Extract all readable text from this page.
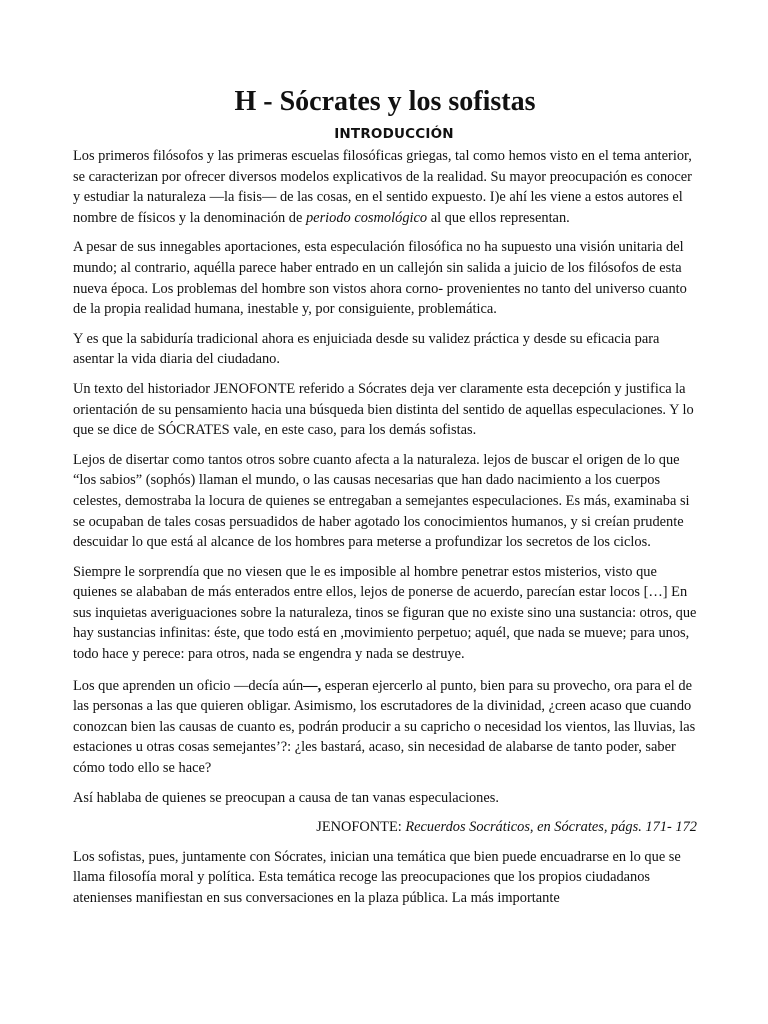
H - Sócrates y los sofistas
INTRODUCCIÓN

Los primeros filósofos y las primeras escuelas filosóficas griegas, tal como hemos visto en el tema anterior, se caracterizan por ofrecer diversos modelos explicativos de la realidad. Su mayor preocupación es conocer y estudiar la naturaleza —la fisis— de las cosas, en el sentido expuesto. I)e ahí les viene a estos autores el nombre de físicos y la denominación de periodo cosmológico al que ellos representan.

A pesar de sus innegables aportaciones, esta especulación filosófica no ha supuesto una visión unitaria del mundo; al contrario, aquélla parece haber entrado en un callejón sin salida a juicio de los filósofos de esta nueva época. Los problemas del hombre son vistos ahora corno- provenientes no tanto del universo cuanto de la propia realidad humana, inestable y, por consiguiente, problemática.

Y es que la sabiduría tradicional ahora es enjuiciada desde su validez práctica y desde su eficacia para asentar la vida diaria del ciudadano.

Un texto del historiador JENOFONTE referido a Sócrates deja ver claramente esta decepción y justifica la orientación de su pensamiento hacia una búsqueda bien distinta del sentido de aquellas especulaciones. Y lo que se dice de SÓCRATES vale, en este caso, para los demás sofistas.

Lejos de disertar como tantos otros sobre cuanto afecta a la naturaleza. lejos de buscar el origen de lo que “los sabios” (sophós) llaman el mundo, o las causas necesarias que han dado nacimiento a los cuerpos celestes, demostraba la locura de quienes se entregaban a semejantes especulaciones. Es más, examinaba si se ocupaban de tales cosas persuadidos de haber agotado los conocimientos humanos, y si creían prudente descuidar lo que está al alcance de los hombres para meterse a profundizar los secretos de los ciclos.

Siempre le sorprendía que no viesen que le es imposible al hombre penetrar estos misterios, visto que quienes se alababan de más enterados entre ellos, lejos de ponerse de acuerdo, parecían estar locos […] En sus inquietas averiguaciones sobre la naturaleza, tinos se figuran que no existe sino una sustancia: otros, que hay sustancias infinitas: éste, que todo está en ,movimiento perpetuo; aquél, que nada se mueve; para unos, todo hace y perece: para otros, nada se engendra y nada se destruye.

Los que aprenden un oficio —decía aún—, esperan ejercerlo al punto, bien para su provecho, ora para el de las personas a las que quieren obligar. Asimismo, los escrutadores de la divinidad, ¿creen acaso que cuando conozcan bien las causas de cuanto es, podrán producir a su capricho o necesidad los vientos, las lluvias, las estaciones u otras cosas semejantes’?: ¿les bastará, acaso, sin necesidad de alabarse de tanto poder, saber cómo todo ello se hace?

Así hablaba de quienes se preocupan a causa de tan vanas especulaciones.

JENOFONTE: Recuerdos Socráticos, en Sócrates, págs. 171- 172

Los sofistas, pues, juntamente con Sócrates, inician una temática que bien puede encuadrarse en lo que se llama filosofía moral y política. Esta temática recoge las preocupaciones que los propios ciudadanos atenienses manifiestan en sus conversaciones en la plaza pública. La más importante
